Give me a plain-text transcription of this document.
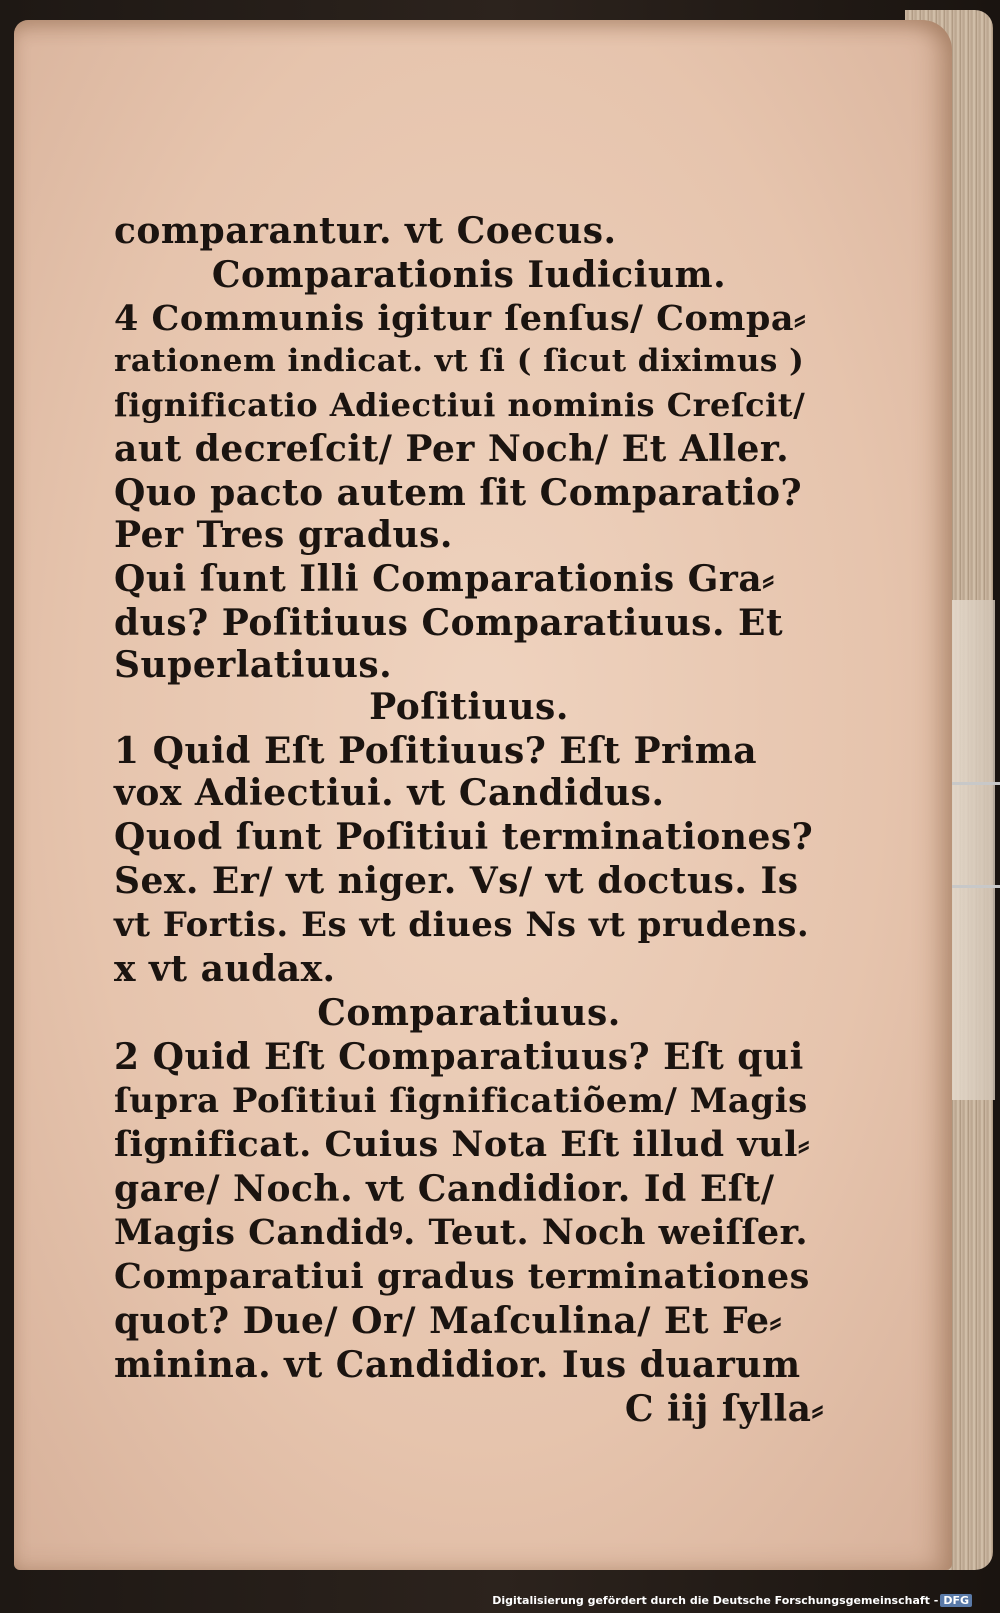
comparantur. vt Coecus.
Comparationis Iudicium.
4 Communis igitur ſenſus/ Compa⸗
rationem indicat. vt ſi ( ſicut diximus )
ſignificatio Adiectiui nominis Creſcit/
aut decreſcit/ Per Noch/ Et Aller.
Quo pacto autem ſit Comparatio?
Per Tres gradus.
Qui ſunt Illi Comparationis Gra⸗
dus? Poſitiuus Comparatiuus. Et
Superlatiuus.
Poſitiuus.
1 Quid Eſt Poſitiuus? Eſt Prima
vox Adiectiui. vt Candidus.
Quod ſunt Poſitiui terminationes?
Sex. Er/ vt niger. Vs/ vt doctus. Is
vt Fortis. Es vt diues Ns vt prudens.
x vt audax.
Comparatiuus.
2 Quid Eſt Comparatiuus? Eſt qui
ſupra Poſitiui ſignificatiõem/ Magis
ſignificat. Cuius Nota Eſt illud vul⸗
gare/ Noch. vt Candidior. Id Eſt/
Magis Candidꝰ. Teut. Noch weiſſer.
Comparatiui gradus terminationes
quot? Due/ Or/ Maſculina/ Et Fe⸗
minina. vt Candidior. Ius duarum
C iij ſylla⸗
Digitalisierung gefördert durch die Deutsche Forschungsgemeinschaft - DFG
